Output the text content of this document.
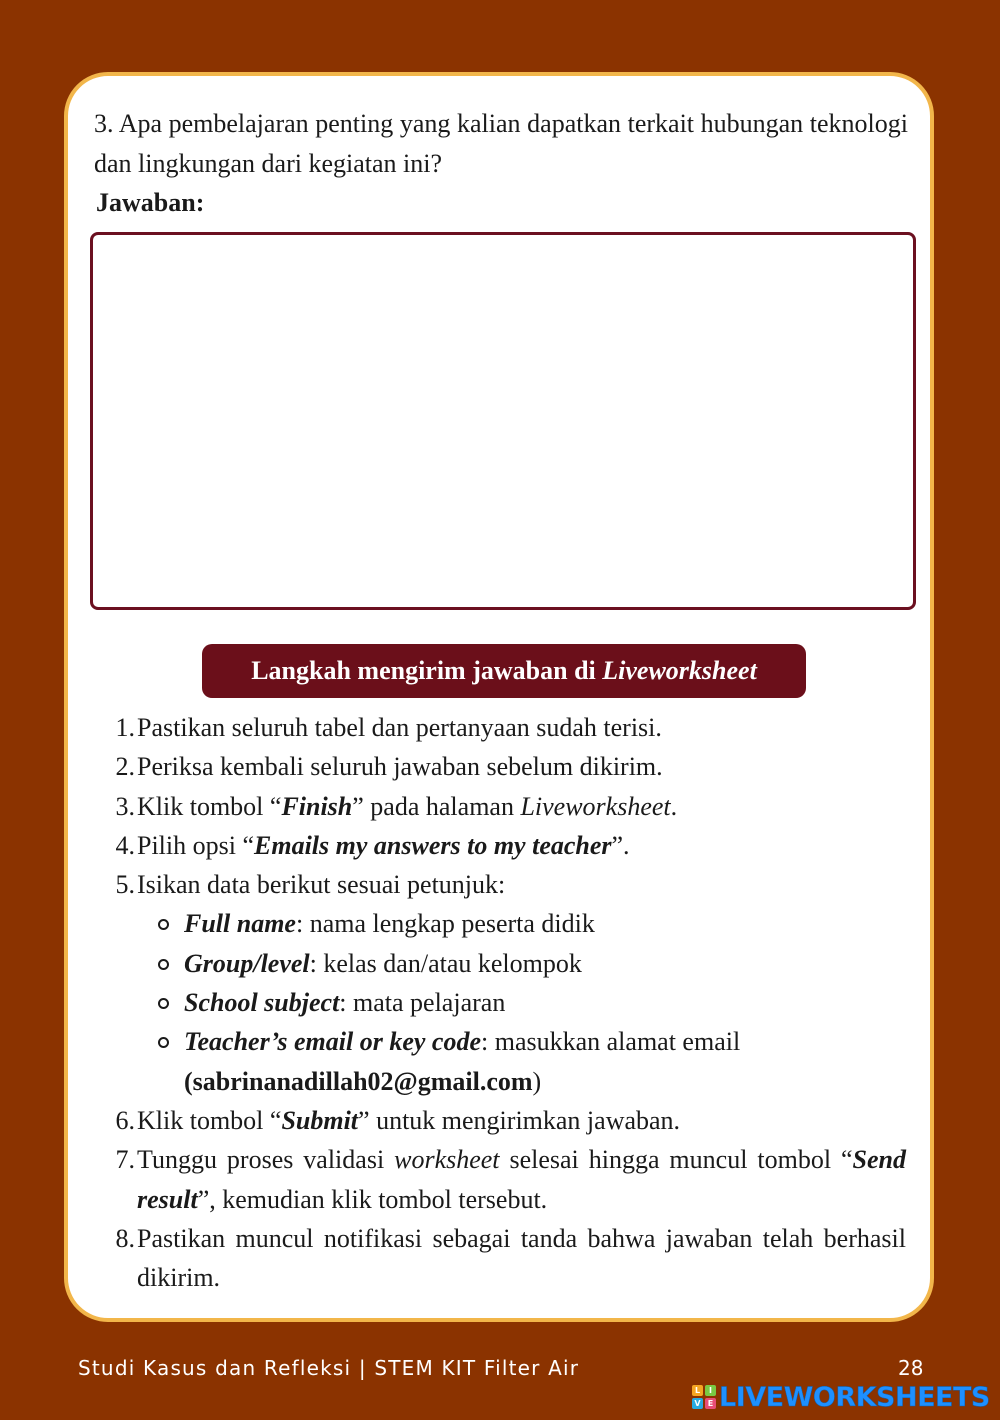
3. Apa pembelajaran penting yang kalian dapatkan terkait hubungan teknologi dan lingkungan dari kegiatan ini?

Jawaban:

Langkah mengirim jawaban di
Liveworksheet
1. Pastikan seluruh tabel dan pertanyaan sudah terisi.
2. Periksa kembali seluruh jawaban sebelum dikirim.
3. Klik tombol “Finish” pada halaman Liveworksheet.
4. Pilih opsi “Emails my answers to my teacher”.
5. Isikan data berikut sesuai petunjuk:
Full name: nama lengkap peserta didik
Group/level: kelas dan/atau kelompok
School subject: mata pelajaran
Teacher’s email or key code: masukkan alamat email
(sabrinanadillah02@gmail.com)
6. Klik tombol “Submit” untuk mengirimkan jawaban.
7. Tunggu proses validasi worksheet selesai hingga muncul tombol “Send result”, kemudian klik tombol tersebut.
8. Pastikan muncul notifikasi sebagai tanda bahwa jawaban telah berhasil dikirim.
Studi Kasus dan Refleksi | STEM KIT Filter Air	28
L	I
V E LIVEWORKSHEETS
